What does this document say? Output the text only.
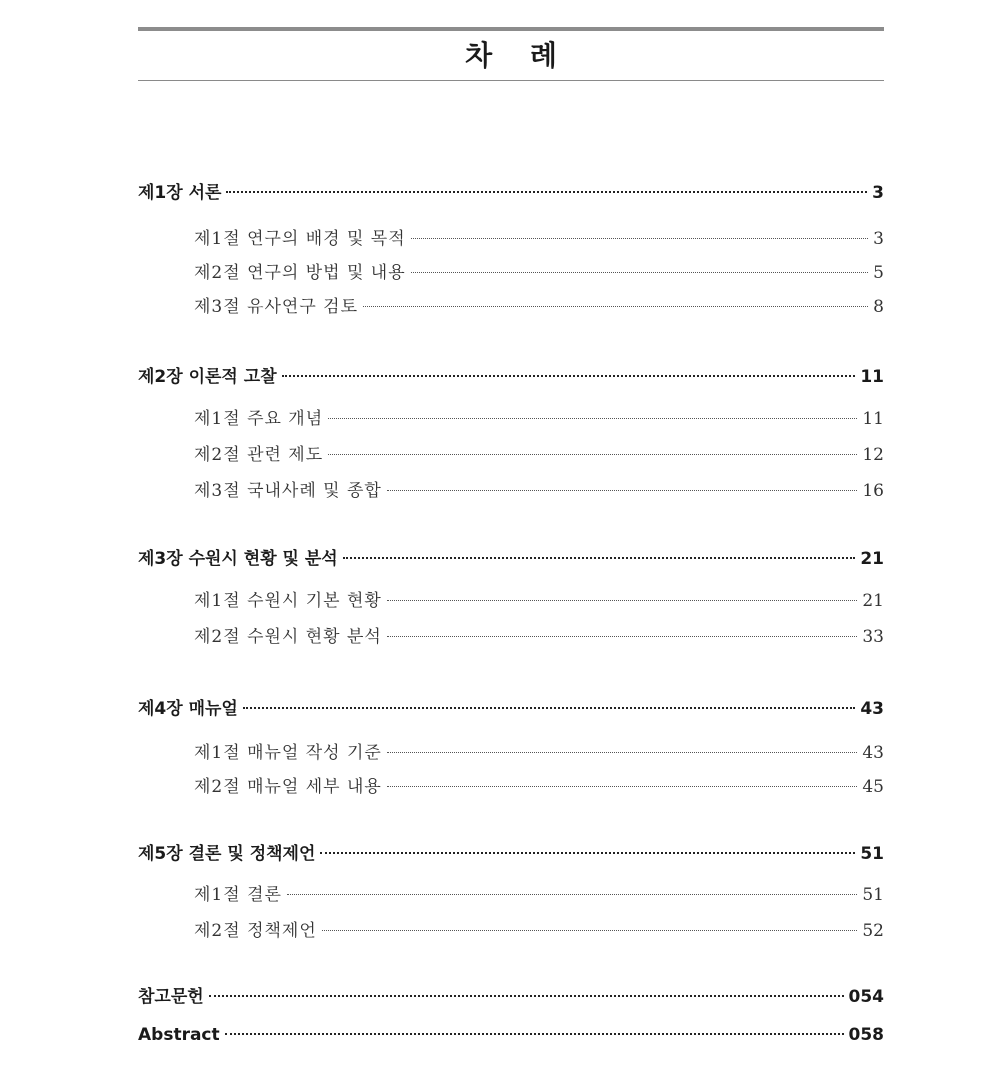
차 례
제1장 서론	3
제1절 연구의 배경 및 목적	3
제2절 연구의 방법 및 내용	5
제3절 유사연구 검토	8
제2장 이론적 고찰	11
제1절 주요 개념	11
제2절 관련 제도	12
제3절 국내사례 및 종합	16
제3장 수원시 현황 및 분석	21
제1절 수원시 기본 현황	21
제2절 수원시 현황 분석	33
제4장 매뉴얼	43
제1절 매뉴얼 작성 기준	43
제2절 매뉴얼 세부 내용	45
제5장 결론 및 정책제언	51
제1절 결론	51
제2절 정책제언	52
참고문헌	054
Abstract	058
